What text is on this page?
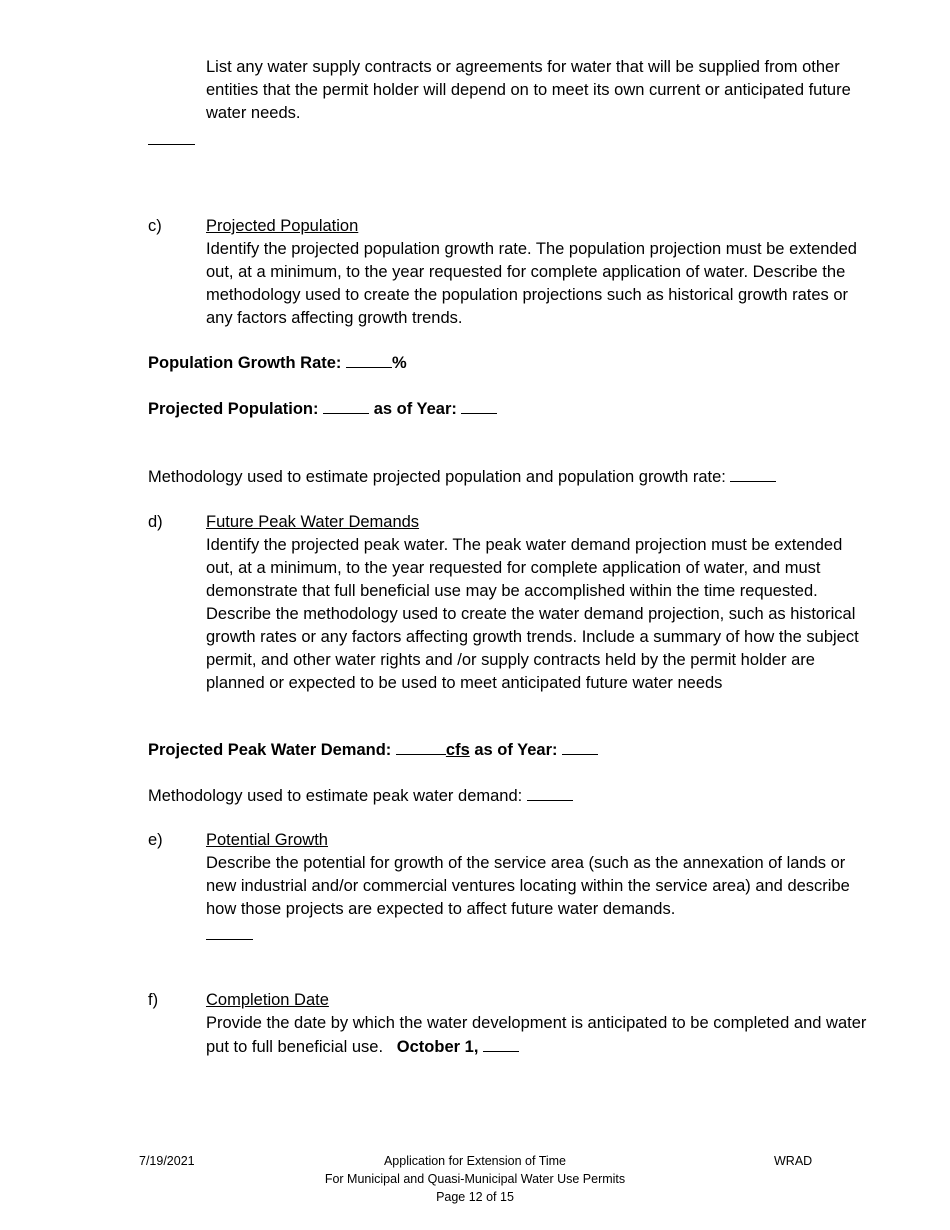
List any water supply contracts or agreements for water that will be supplied from other entities that the permit holder will depend on to meet its own current or anticipated future water needs.
c)	Projected Population
Identify the projected population growth rate. The population projection must be extended out, at a minimum, to the year requested for complete application of water. Describe the methodology used to create the population projections such as historical growth rates or any factors affecting growth trends.
Population Growth Rate:	%
Projected Population:	as of Year:
Methodology used to estimate projected population and population growth rate:
d)	Future Peak Water Demands
Identify the projected peak water. The peak water demand projection must be extended out, at a minimum, to the year requested for complete application of water, and must demonstrate that full beneficial use may be accomplished within the time requested. Describe the methodology used to create the water demand projection, such as historical growth rates or any factors affecting growth trends. Include a summary of how the subject permit, and other water rights and /or supply contracts held by the permit holder are planned or expected to be used to meet anticipated future water needs
Projected Peak Water Demand:	cfs as of Year:
Methodology used to estimate peak water demand:
e)	Potential Growth
Describe the potential for growth of the service area (such as the annexation of lands or new industrial and/or commercial ventures locating within the service area) and describe how those projects are expected to affect future water demands.
f)	Completion Date
Provide the date by which the water development is anticipated to be completed and water put to full beneficial use. October 1,
7/19/2021	Application for Extension of Time
For Municipal and Quasi-Municipal Water Use Permits
Page 12 of 15
WRAD
